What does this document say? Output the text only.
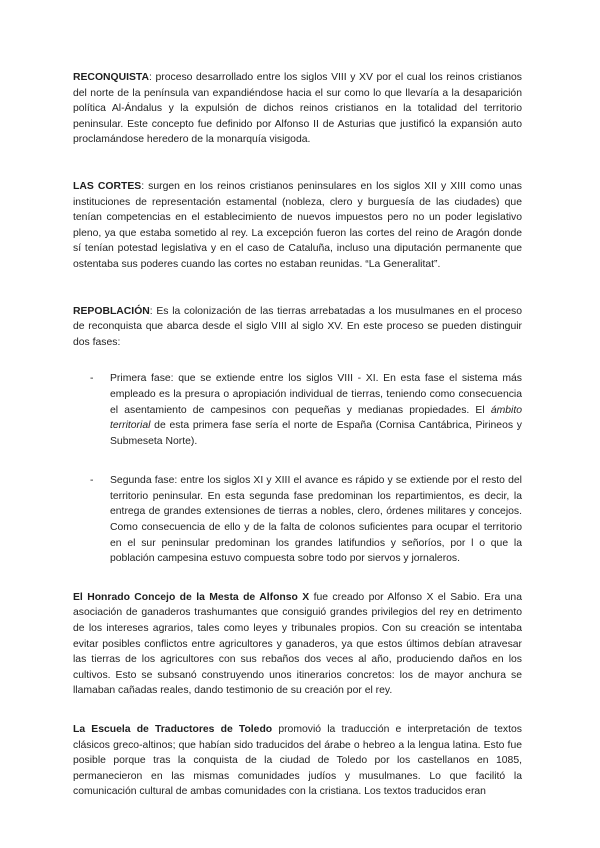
RECONQUISTA: proceso desarrollado entre los siglos VIII y XV por el cual los reinos cristianos del norte de la península van expandiéndose hacia el sur como lo que llevaría a la desaparición política Al-Ándalus y la expulsión de dichos reinos cristianos en la totalidad del territorio peninsular. Este concepto fue definido por Alfonso II de Asturias que justificó la expansión auto proclamándose heredero de la monarquía visigoda.

LAS CORTES: surgen en los reinos cristianos peninsulares en los siglos XII y XIII como unas instituciones de representación estamental (nobleza, clero y burguesía de las ciudades) que tenían competencias en el establecimiento de nuevos impuestos pero no un poder legislativo pleno, ya que estaba sometido al rey. La excepción fueron las cortes del reino de Aragón donde sí tenían potestad legislativa y en el caso de Cataluña, incluso una diputación permanente que ostentaba sus poderes cuando las cortes no estaban reunidas. “La Generalitat”.

REPOBLACIÓN: Es la colonización de las tierras arrebatadas a los musulmanes en el proceso de reconquista que abarca desde el siglo VIII al siglo XV. En este proceso se pueden distinguir dos fases:

- Primera fase: que se extiende entre los siglos VIII - XI. En esta fase el sistema más empleado es la presura o apropiación individual de tierras, teniendo como consecuencia el asentamiento de campesinos con pequeñas y medianas propiedades. El ámbito territorial de esta primera fase sería el norte de España (Cornisa Cantábrica, Pirineos y Submeseta Norte).

- Segunda fase: entre los siglos XI y XIII el avance es rápido y se extiende por el resto del territorio peninsular. En esta segunda fase predominan los repartimientos, es decir, la entrega de grandes extensiones de tierras a nobles, clero, órdenes militares y concejos. Como consecuencia de ello y de la falta de colonos suficientes para ocupar el territorio en el sur peninsular predominan los grandes latifundios y señoríos, por l o que la población campesina estuvo compuesta sobre todo por siervos y jornaleros.

El Honrado Concejo de la Mesta de Alfonso X fue creado por Alfonso X el Sabio. Era una asociación de ganaderos trashumantes que consiguió grandes privilegios del rey en detrimento de los intereses agrarios, tales como leyes y tribunales propios. Con su creación se intentaba evitar posibles conflictos entre agricultores y ganaderos, ya que estos últimos debían atravesar las tierras de los agricultores con sus rebaños dos veces al año, produciendo daños en los cultivos. Esto se subsanó construyendo unos itinerarios concretos: los de mayor anchura se llamaban cañadas reales, dando testimonio de su creación por el rey.

La Escuela de Traductores de Toledo promovió la traducción e interpretación de textos clásicos greco-altinos; que habían sido traducidos del árabe o hebreo a la lengua latina. Esto fue posible porque tras la conquista de la ciudad de Toledo por los castellanos en 1085, permanecieron en las mismas comunidades judíos y musulmanes. Lo que facilitó la comunicación cultural de ambas comunidades con la cristiana. Los textos traducidos eran
